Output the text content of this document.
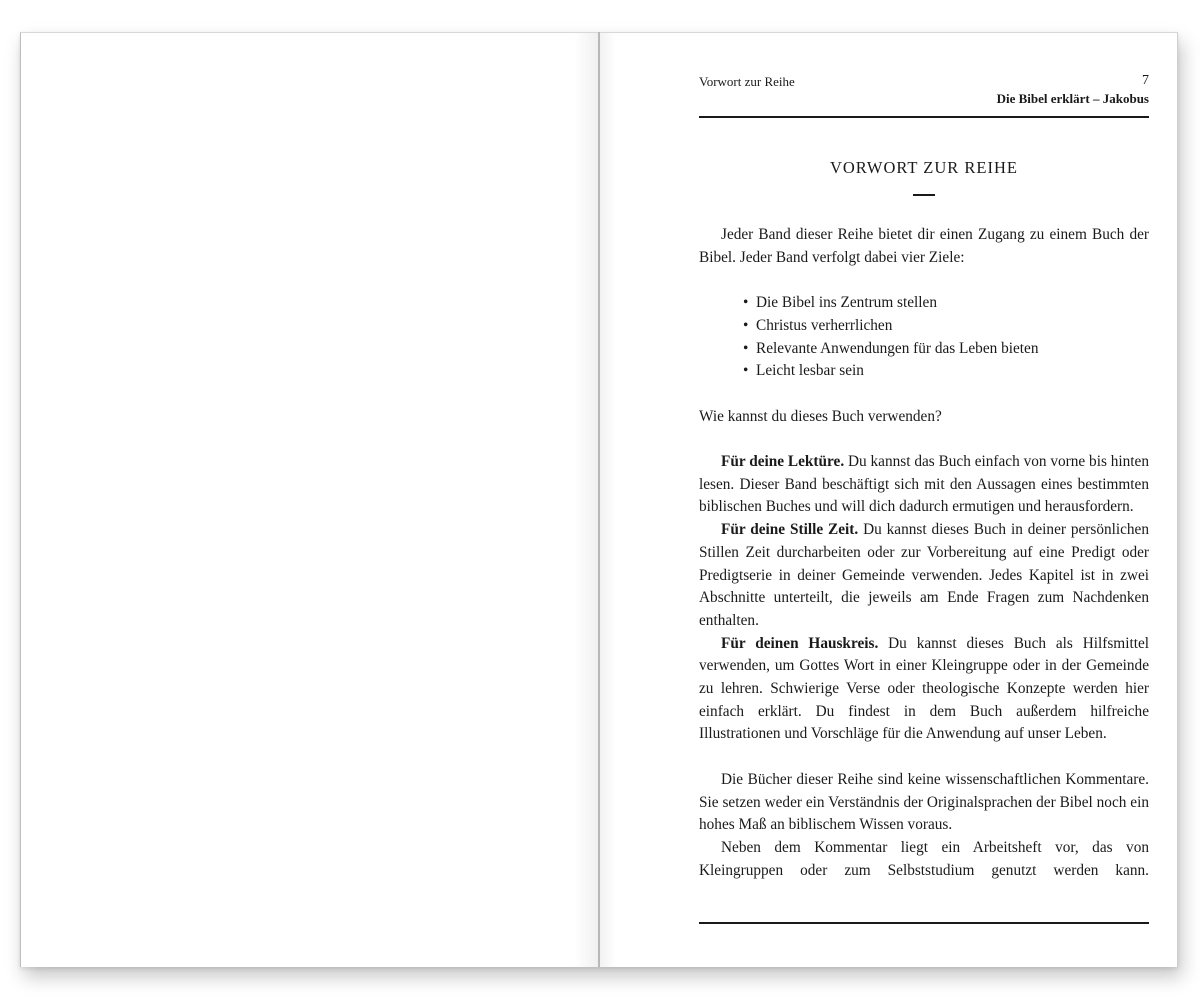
Vorwort zur Reihe	7
Die Bibel erklärt – Jakobus
VORWORT ZUR REIHE

Jeder Band dieser Reihe bietet dir einen Zugang zu einem Buch der Bibel. Jeder Band verfolgt dabei vier Ziele:

• Die Bibel ins Zentrum stellen
• Christus verherrlichen
• Relevante Anwendungen für das Leben bieten
• Leicht lesbar sein

Wie kannst du dieses Buch verwenden?

Für deine Lektüre. Du kannst das Buch einfach von vorne bis hinten lesen. Dieser Band beschäftigt sich mit den Aussagen eines bestimmten biblischen Buches und will dich dadurch ermutigen und herausfordern.

Für deine Stille Zeit. Du kannst dieses Buch in deiner persönlichen Stillen Zeit durcharbeiten oder zur Vorbereitung auf eine Predigt oder Predigtserie in deiner Gemeinde verwenden. Jedes Kapitel ist in zwei Abschnitte unterteilt, die jeweils am Ende Fragen zum Nachdenken enthalten.

Für deinen Hauskreis. Du kannst dieses Buch als Hilfsmittel verwenden, um Gottes Wort in einer Kleingruppe oder in der Gemeinde zu lehren. Schwierige Verse oder theologische Konzepte werden hier einfach erklärt. Du findest in dem Buch außerdem hilfreiche Illustrationen und Vorschläge für die Anwendung auf unser Leben.

Die Bücher dieser Reihe sind keine wissenschaftlichen Kommentare. Sie setzen weder ein Verständnis der Originalsprachen der Bibel noch ein hohes Maß an biblischem Wissen voraus.

Neben dem Kommentar liegt ein Arbeitsheft vor, das von Kleingruppen oder zum Selbststudium genutzt werden kann.
